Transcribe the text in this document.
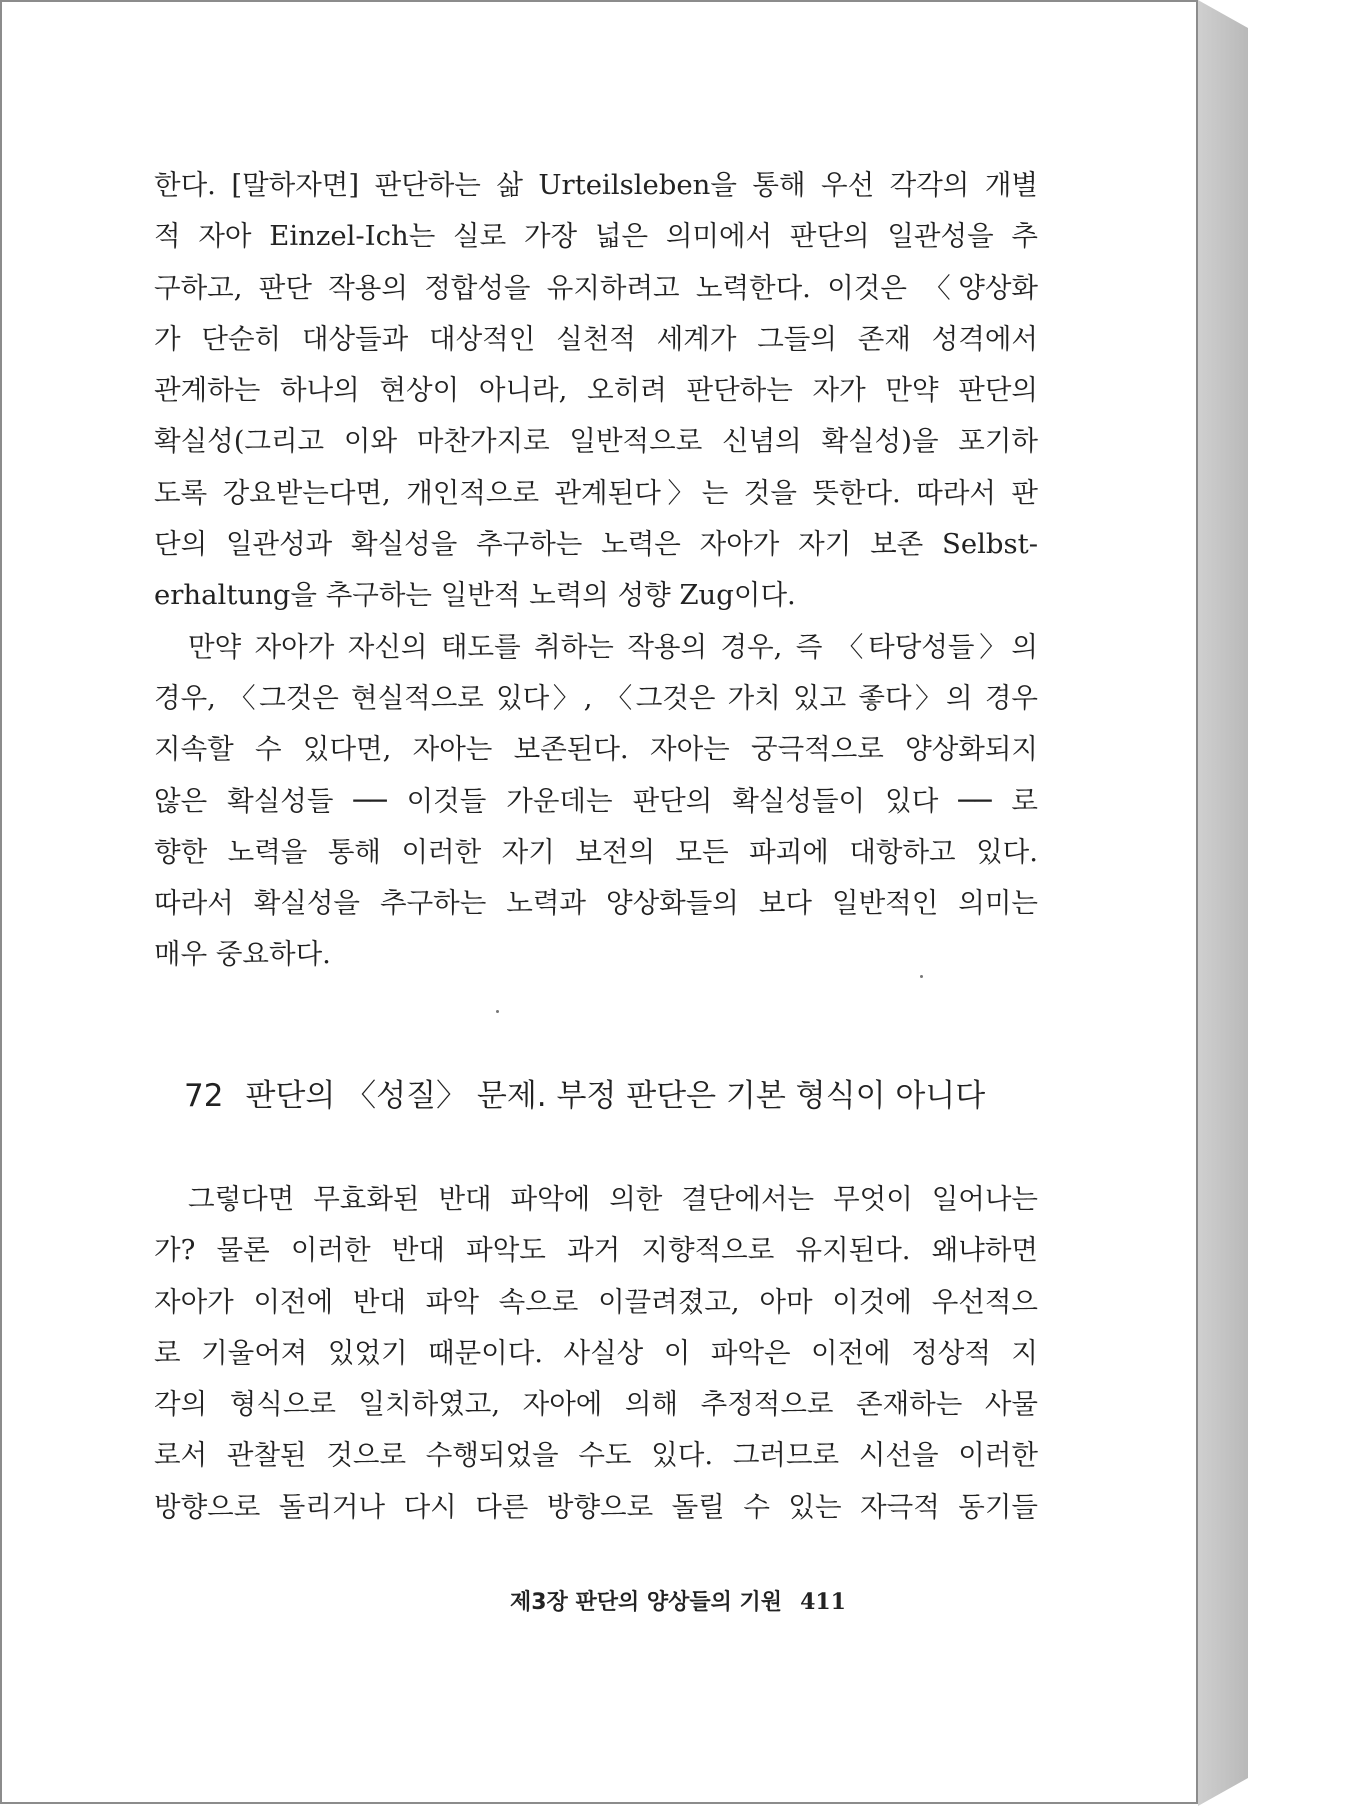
한다. [말하자면] 판단하는 삶 Urteilsleben을 통해 우선 각각의 개별
적 자아 Einzel-Ich는 실로 가장 넓은 의미에서 판단의 일관성을 추
구하고, 판단 작용의 정합성을 유지하려고 노력한다. 이것은 〈양상화
가 단순히 대상들과 대상적인 실천적 세계가 그들의 존재 성격에서
관계하는 하나의 현상이 아니라, 오히려 판단하는 자가 만약 판단의
확실성(그리고 이와 마찬가지로 일반적으로 신념의 확실성)을 포기하
도록 강요받는다면, 개인적으로 관계된다〉는 것을 뜻한다. 따라서 판
단의 일관성과 확실성을 추구하는 노력은 자아가 자기 보존 Selbst-
erhaltung을 추구하는 일반적 노력의 성향 Zug이다.
만약 자아가 자신의 태도를 취하는 작용의 경우, 즉 〈타당성들〉의
경우, 〈그것은 현실적으로 있다〉, 〈그것은 가치 있고 좋다〉의 경우
지속할 수 있다면, 자아는 보존된다. 자아는 궁극적으로 양상화되지
않은 확실성들 ── 이것들 가운데는 판단의 확실성들이 있다 ── 로
향한 노력을 통해 이러한 자기 보전의 모든 파괴에 대항하고 있다.
따라서 확실성을 추구하는 노력과 양상화들의 보다 일반적인 의미는
매우 중요하다.
72 판단의 〈성질〉 문제. 부정 판단은 기본 형식이 아니다
그렇다면 무효화된 반대 파악에 의한 결단에서는 무엇이 일어나는
가? 물론 이러한 반대 파악도 과거 지향적으로 유지된다. 왜냐하면
자아가 이전에 반대 파악 속으로 이끌려졌고, 아마 이것에 우선적으
로 기울어져 있었기 때문이다. 사실상 이 파악은 이전에 정상적 지
각의 형식으로 일치하였고, 자아에 의해 추정적으로 존재하는 사물
로서 관찰된 것으로 수행되었을 수도 있다. 그러므로 시선을 이러한
방향으로 돌리거나 다시 다른 방향으로 돌릴 수 있는 자극적 동기들
제3장 판단의 양상들의 기원 411
